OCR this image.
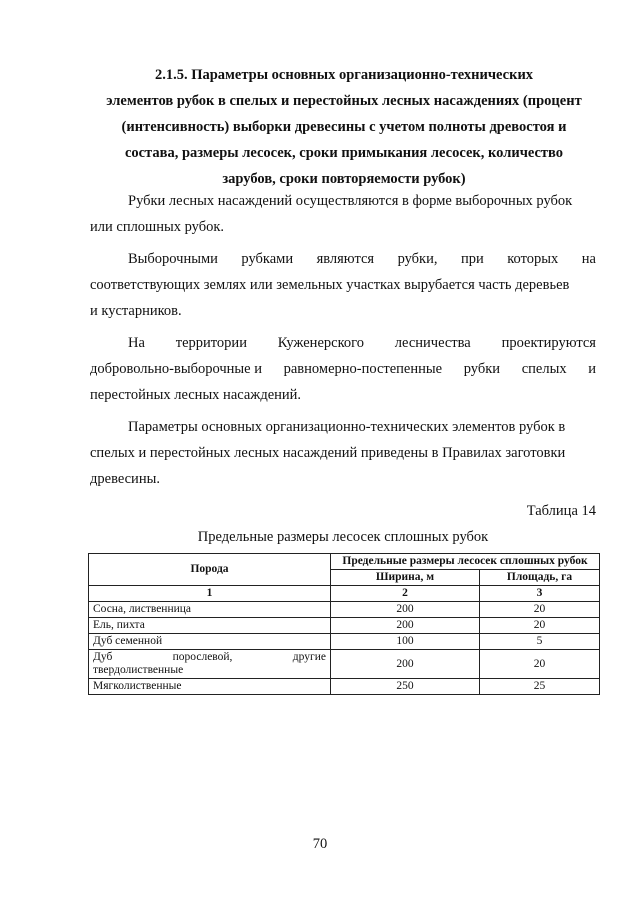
2.1.5. Параметры основных организационно-технических
элементов рубок в спелых и перестойных лесных насаждениях (процент
(интенсивность) выборки древесины с учетом полноты древостоя и
состава, размеры лесосек, сроки примыкания лесосек, количество
зарубов, сроки повторяемости рубок)
Рубки лесных насаждений осуществляются в форме выборочных рубок
или сплошных рубок.
Выборочными рубками являются рубки, при которых на
соответствующих землях или земельных участках вырубается часть деревьев
и кустарников.
На территории Куженерского лесничества проектируются
добровольно-выборочные и равномерно-постепенные рубки спелых и
перестойных лесных насаждений.
Параметры основных организационно-технических элементов рубок в
спелых и перестойных лесных насаждений приведены в Правилах заготовки
древесины.
Таблица 14
Предельные размеры лесосек сплошных рубок
Порода	Предельные размеры лесосек сплошных рубок	
	Ширина, м	Площадь, га
1	2	3
Сосна, лиственница	200	20
Ель, пихта	200	20
Дуб семенной	100	5

Дуб порослевой, другие
твердолиственные	200	20
Мягколиственные	250	25
70
